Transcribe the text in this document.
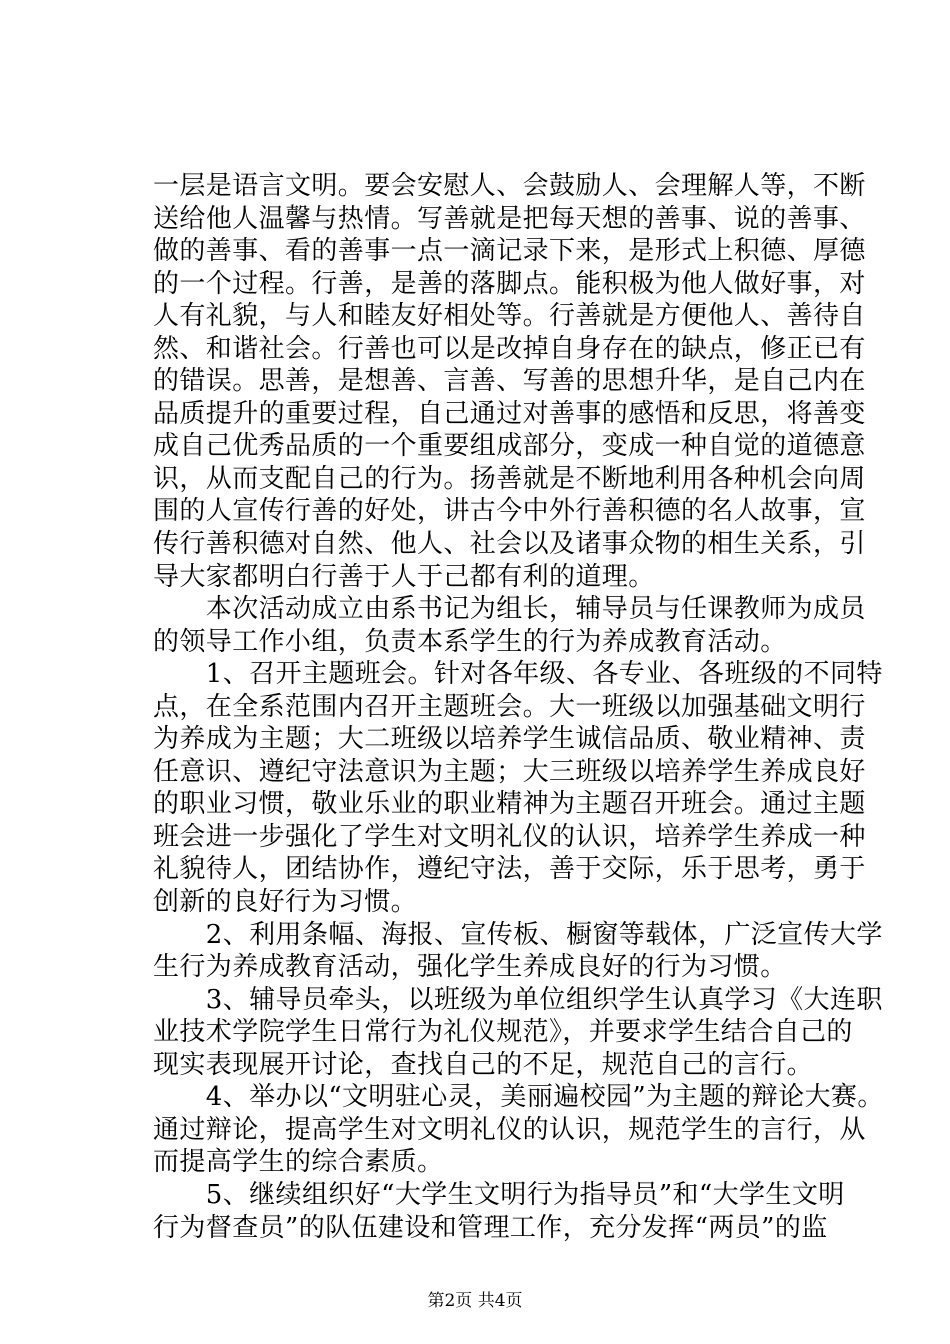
一层是语言文明。要会安慰人、会鼓励人、会理解人等，不断
送给他人温馨与热情。写善就是把每天想的善事、说的善事、
做的善事、看的善事一点一滴记录下来，是形式上积德、厚德
的一个过程。行善，是善的落脚点。能积极为他人做好事，对
人有礼貌，与人和睦友好相处等。行善就是方便他人、善待自
然、和谐社会。行善也可以是改掉自身存在的缺点，修正已有
的错误。思善，是想善、言善、写善的思想升华，是自己内在
品质提升的重要过程，自己通过对善事的感悟和反思，将善变
成自己优秀品质的一个重要组成部分，变成一种自觉的道德意
识，从而支配自己的行为。扬善就是不断地利用各种机会向周
围的人宣传行善的好处，讲古今中外行善积德的名人故事，宣
传行善积德对自然、他人、社会以及诸事众物的相生关系，引
导大家都明白行善于人于己都有利的道理。
　　本次活动成立由系书记为组长，辅导员与任课教师为成员
的领导工作小组，负责本系学生的行为养成教育活动。
　　1、召开主题班会。针对各年级、各专业、各班级的不同特
点，在全系范围内召开主题班会。大一班级以加强基础文明行
为养成为主题；大二班级以培养学生诚信品质、敬业精神、责
任意识、遵纪守法意识为主题；大三班级以培养学生养成良好
的职业习惯，敬业乐业的职业精神为主题召开班会。通过主题
班会进一步强化了学生对文明礼仪的认识，培养学生养成一种
礼貌待人，团结协作，遵纪守法，善于交际，乐于思考，勇于
创新的良好行为习惯。
　　2、利用条幅、海报、宣传板、橱窗等载体，广泛宣传大学
生行为养成教育活动，强化学生养成良好的行为习惯。
　　3、辅导员牵头，以班级为单位组织学生认真学习《大连职
业技术学院学生日常行为礼仪规范》，并要求学生结合自己的
现实表现展开讨论，查找自己的不足，规范自己的言行。
　　4、举办以“文明驻心灵，美丽遍校园”为主题的辩论大赛。
通过辩论，提高学生对文明礼仪的认识，规范学生的言行，从
而提高学生的综合素质。
　　5、继续组织好“大学生文明行为指导员”和“大学生文明
行为督查员”的队伍建设和管理工作，充分发挥“两员”的监
第2页 共4页
